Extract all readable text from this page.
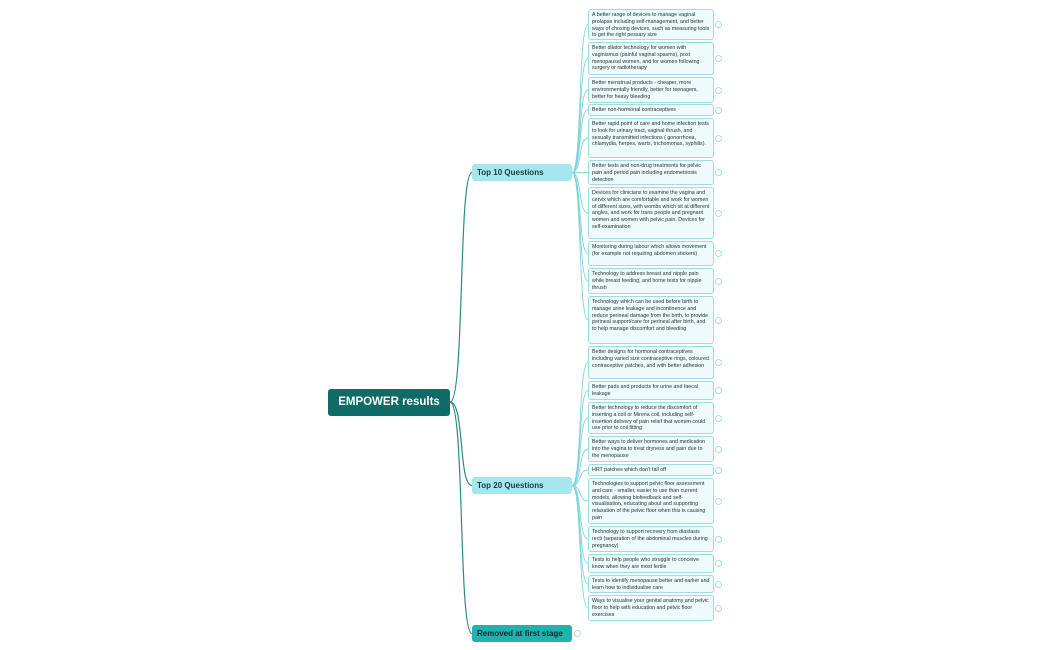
EMPOWER results
Top 10 Questions
Top 20 Questions
Removed at first stage
A better range of devices to manage vaginal prolapse including self-management, and better ways of chosing devices, such as measuring tools to get the right pessary size
Better dilator technology for women with vaginismus (painful vaginal spasms), post menopausal women, and for women following surgery or radiotherapy
Better menstrual products - cheaper, more environmentally friendly, better for teenagers, better for heavy bleeding
Better non-hormonal contraceptives
Better rapid point of care and home infection tests to look for urinary tract, vaginal thrush, and sexually transmitted infections ( gonorrhoea, chlamydia, herpes, warts, trichomonas, syphilis).
Better tests and non-drug treatments for pelvic pain and period pain including endometriosis detection
Devices for clinicians to examine the vagina and cervix which are comfortable and work for women of different sizes, with wombs which sit at different angles, and work for trans people and pregnant women and women with pelvic pain. Devices for self-examination
Monitoring during labour which allows movement (for example not requiring abdomen stickers)
Technology to address breast and nipple pain while breast feeding, and home tests for nipple thrush
Technology which can be used before birth to manage urine leakage and incontinence and reduce perineal damage from the birth, to provide perineal support/care for perineal after birth, and to help manage discomfort and bleeding
Better designs for hormonal contraceptives including varied size contraceptive rings, coloured contraceptive patches, and with better adhesion
Better pads and products for urine and faecal leakage
Better technology to reduce the discomfort of inserting a coil or Mirena coil, including self-insertion delivery of pain relief that women could use prior to coil fitting
Better ways to deliver hormones and medication into the vagina to treat dryness and pain due to the menopause
HRT patches which don't fall off
Technologies to support pelvic floor assessment and care - smaller, easier to use than current models, allowing biofeedback and self-visualisation, educating about and supporting relaxation of the pelvic floor when this is causing pain
Technology to support recovery from diastasis recti (separation of the abdominal muscles during pregnancy)
Tests to help people who struggle to conceive know when they are most fertile
Tests to identify menopause better and earlier and learn how to individualise care
Ways to visualise your genital anatomy and pelvic floor to help with education and pelvic floor exercises
